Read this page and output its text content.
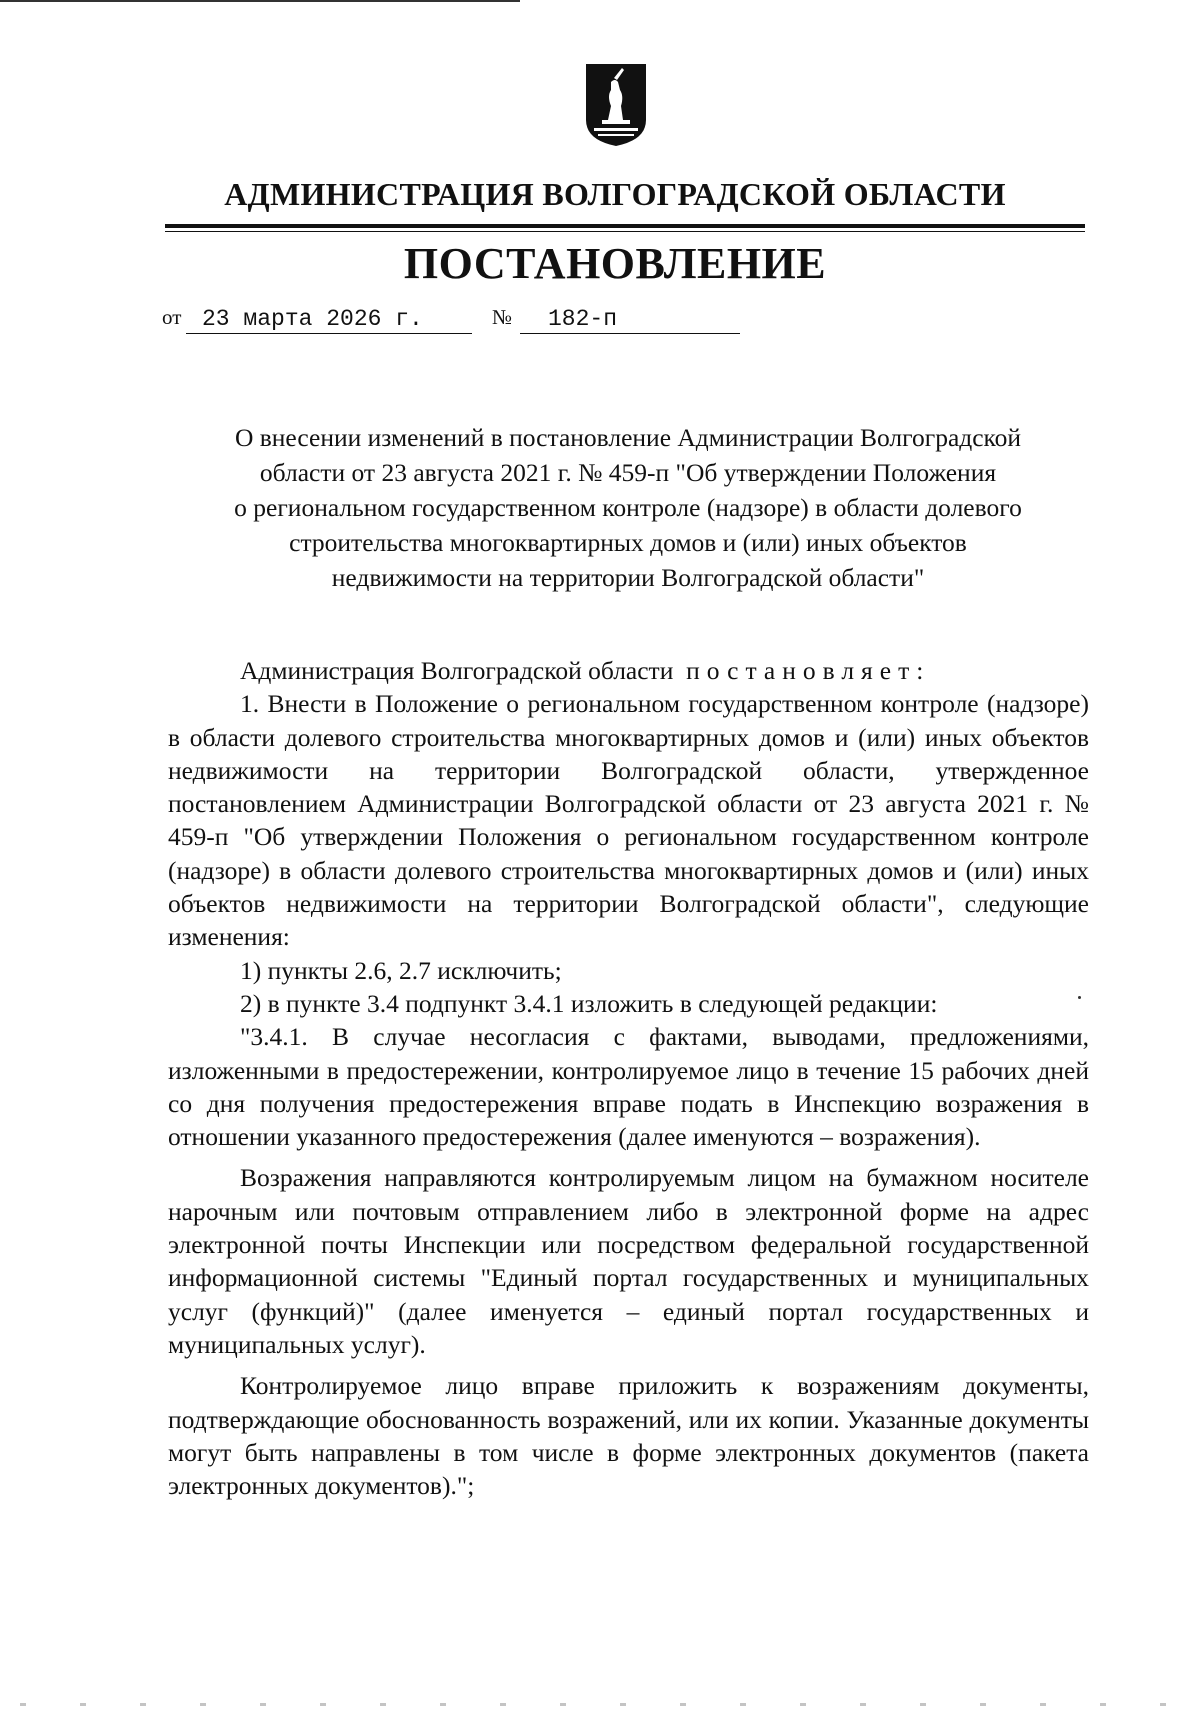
АДМИНИСТРАЦИЯ ВОЛГОГРАДСКОЙ ОБЛАСТИ
ПОСТАНОВЛЕНИЕ
от 23 марта 2026 г.	№	182-п

О внесении изменений в постановление Администрации Волгоградской

области от 23 августа 2021 г. № 459-п "Об утверждении Положения

о региональном государственном контроле (надзоре) в области долевого

строительства многоквартирных домов и (или) иных объектов

недвижимости на территории Волгоградской области"

Администрация Волгоградской области постановляет:

1. Внести в Положение о региональном государственном контроле (надзоре) в области долевого строительства многоквартирных домов и (или) иных объектов недвижимости на территории Волгоградской области, утвержденное постановлением Администрации Волгоградской области от 23 августа 2021 г. № 459-п "Об утверждении Положения о региональном государственном контроле (надзоре) в области долевого строительства многоквартирных домов и (или) иных объектов недвижимости на территории Волгоградской области", следующие изменения:

1) пункты 2.6, 2.7 исключить;

2) в пункте 3.4 подпункт 3.4.1 изложить в следующей редакции:

"3.4.1. В случае несогласия с фактами, выводами, предложениями, изложенными в предостережении, контролируемое лицо в течение 15 рабочих дней со дня получения предостережения вправе подать в Инспекцию возражения в отношении указанного предостережения (далее именуются – возражения).

Возражения направляются контролируемым лицом на бумажном носителе нарочным или почтовым отправлением либо в электронной форме на адрес электронной почты Инспекции или посредством федеральной государственной информационной системы "Единый портал государственных и муниципальных услуг (функций)" (далее именуется – единый портал государственных и муниципальных услуг).

Контролируемое лицо вправе приложить к возражениям документы, подтверждающие обоснованность возражений, или их копии. Указанные документы могут быть направлены в том числе в форме электронных документов (пакета электронных документов).";
